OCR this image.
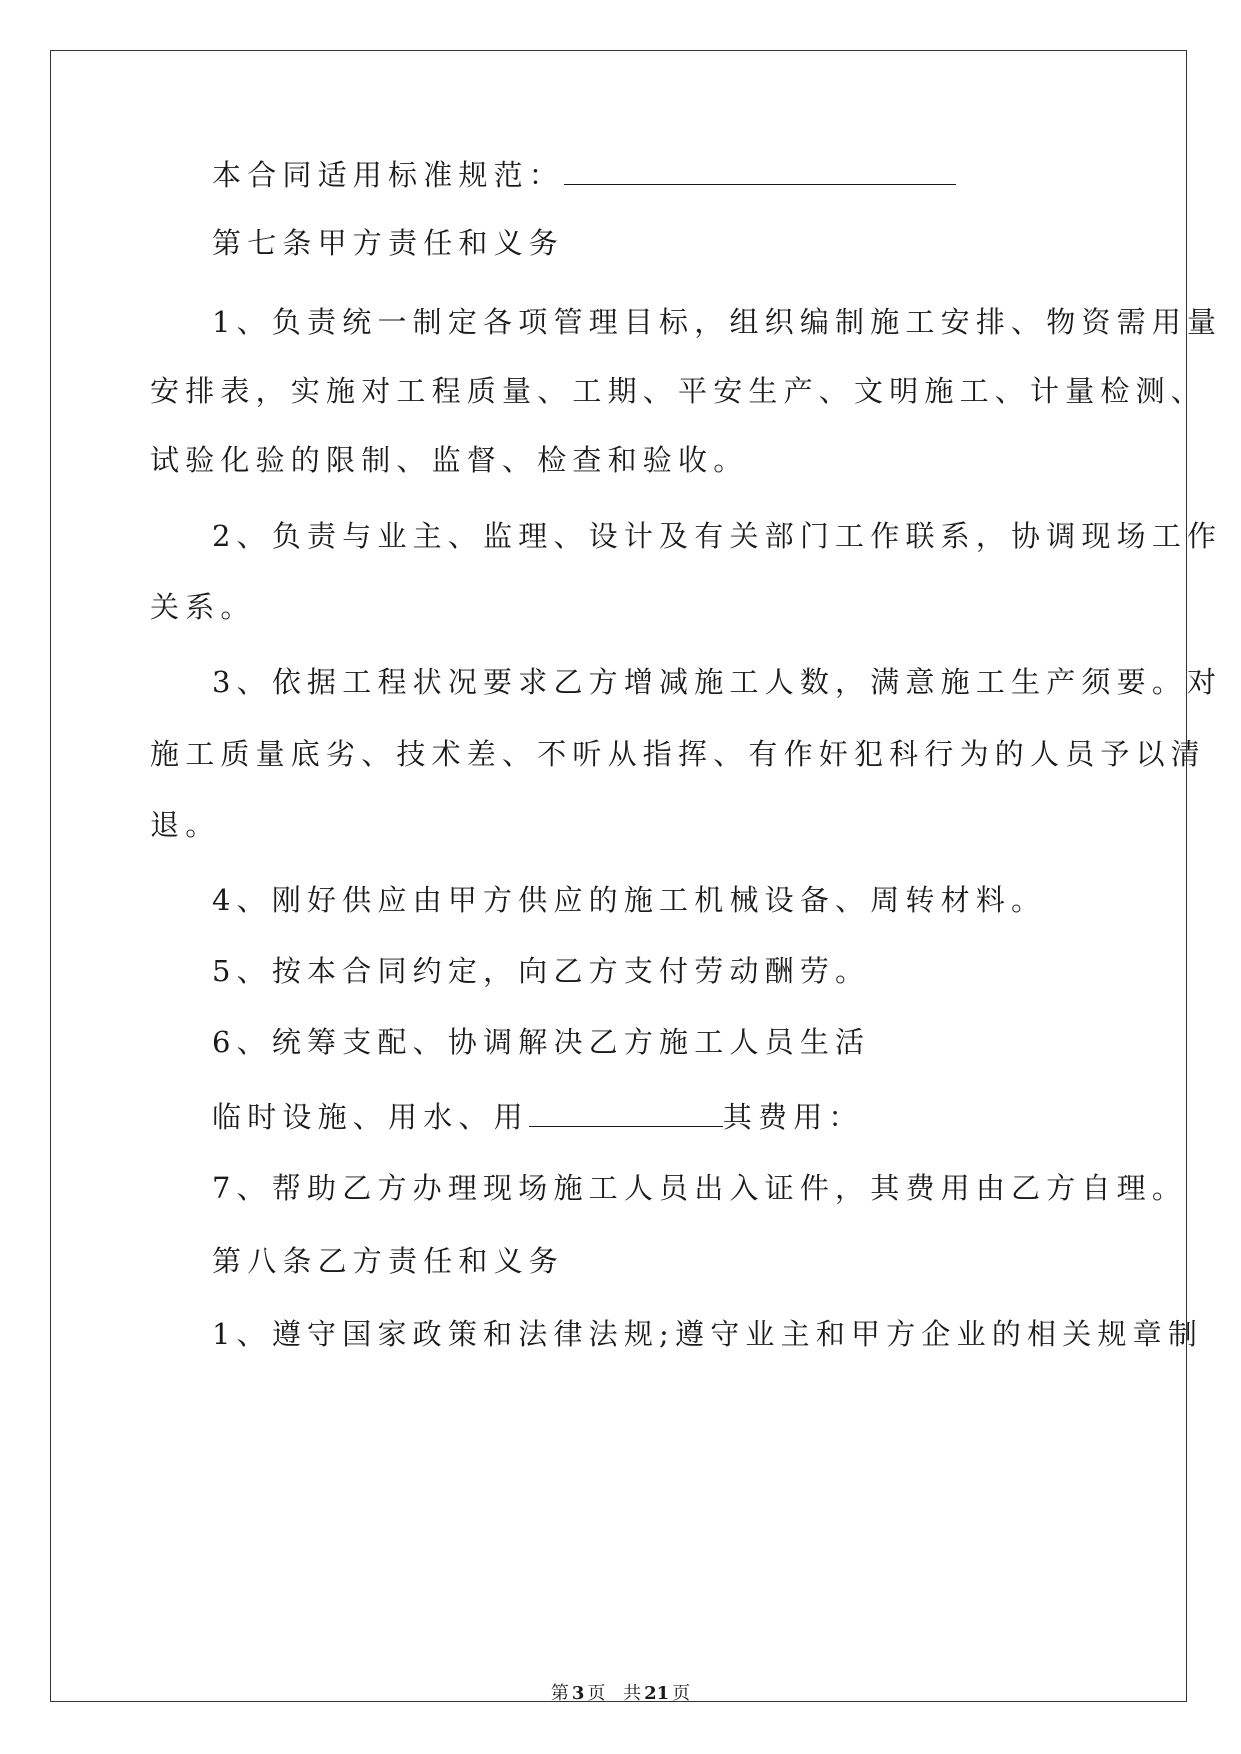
本合同适用标准规范：
第七条甲方责任和义务
1、负责统一制定各项管理目标，组织编制施工安排、物资需用量
安排表，实施对工程质量、工期、平安生产、文明施工、计量检测、
试验化验的限制、监督、检查和验收。
2、负责与业主、监理、设计及有关部门工作联系，协调现场工作
关系。
3、依据工程状况要求乙方增减施工人数，满意施工生产须要。对
施工质量底劣、技术差、不听从指挥、有作奸犯科行为的人员予以清
退。
4、刚好供应由甲方供应的施工机械设备、周转材料。
5、按本合同约定，向乙方支付劳动酬劳。
6、统筹支配、协调解决乙方施工人员生活
临时设施、用水、用	其费用：
7、帮助乙方办理现场施工人员出入证件，其费用由乙方自理。
第八条乙方责任和义务
1、遵守国家政策和法律法规;遵守业主和甲方企业的相关规章制
第 3 页 共 21 页
